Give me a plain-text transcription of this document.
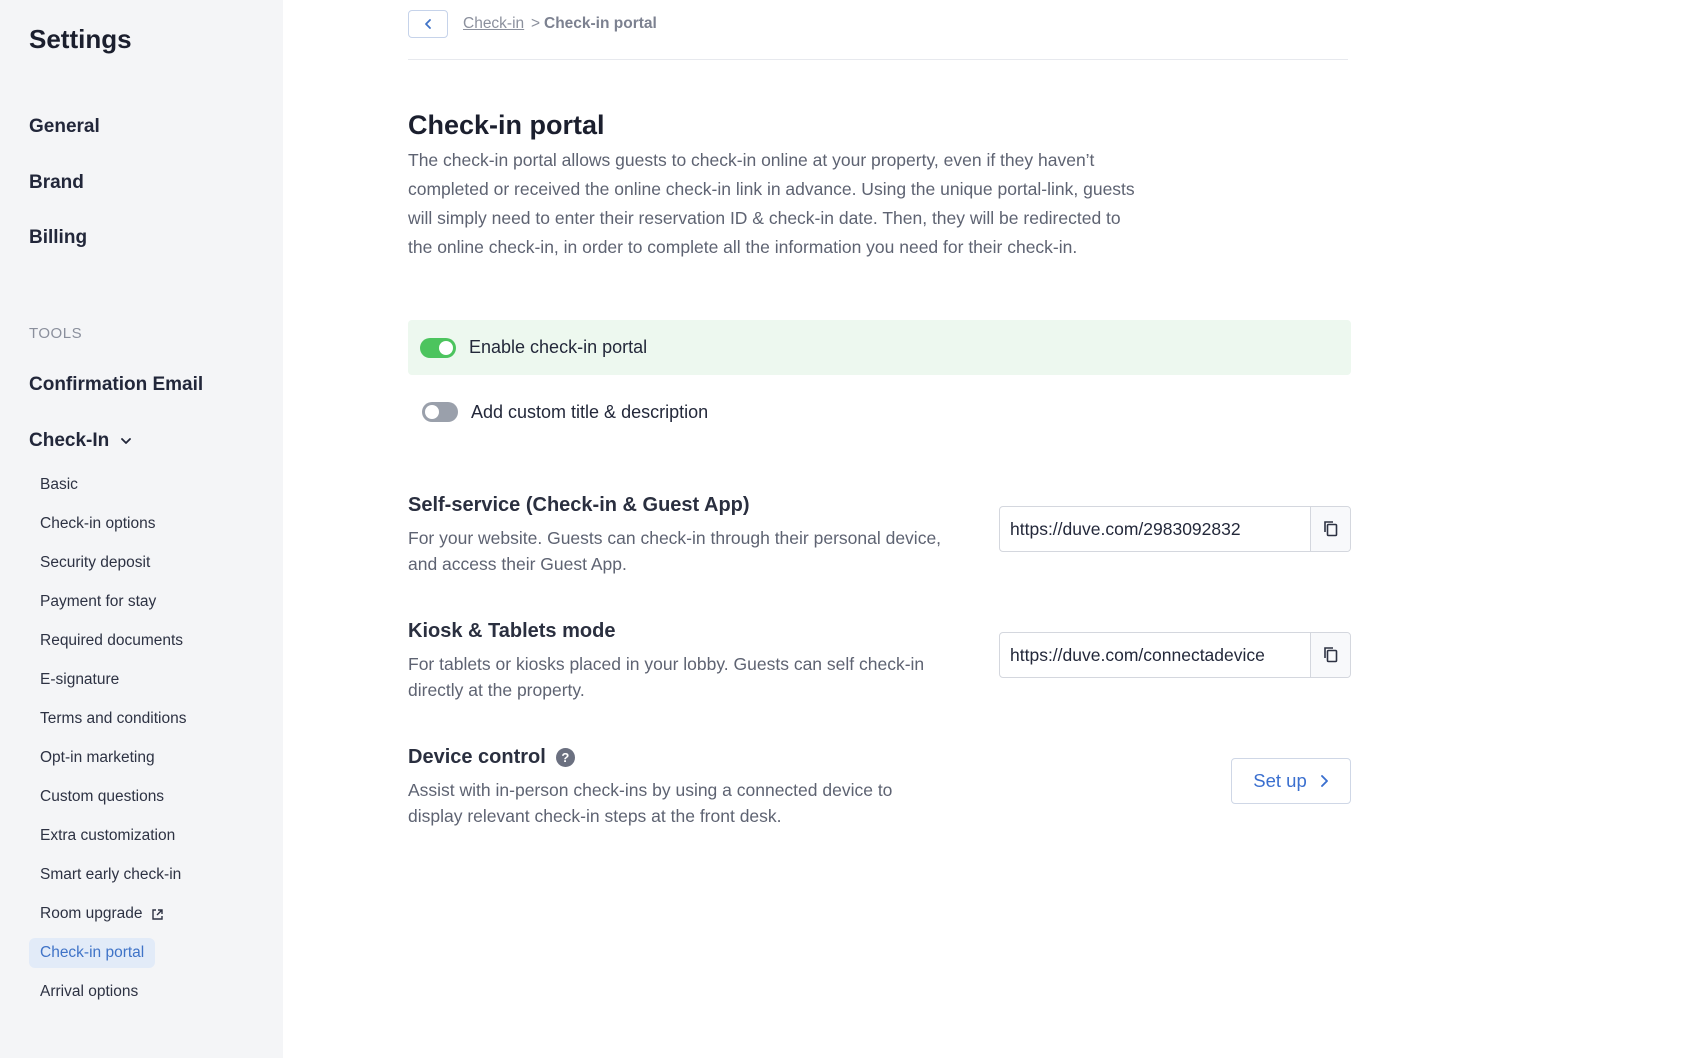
Settings
General
Brand
Billing
TOOLS
Confirmation Email
Check-In
Basic
Check-in options
Security deposit
Payment for stay
Required documents
E-signature
Terms and conditions
Opt-in marketing
Custom questions
Extra customization
Smart early check-in
Room upgrade
Check-in portal
Arrival options
Check-in > Check-in portal
Check-in portal
The check-in portal allows guests to check-in online at your property, even if they haven’t completed or received the online check-in link in advance. Using the unique portal-link, guests will simply need to enter their reservation ID & check-in date. Then, they will be redirected to the online check-in, in order to complete all the information you need for their check-in.
Enable check-in portal
Add custom title & description
Self-service (Check-in & Guest App)
For your website. Guests can check-in through their personal device, and access their Guest App.
https://duve.com/2983092832
Kiosk & Tablets mode
For tablets or kiosks placed in your lobby. Guests can self check-in directly at the property.
https://duve.com/connectadevice
Device control	?
Assist with in-person check-ins by using a connected device to display relevant check-in steps at the front desk.
Set up
